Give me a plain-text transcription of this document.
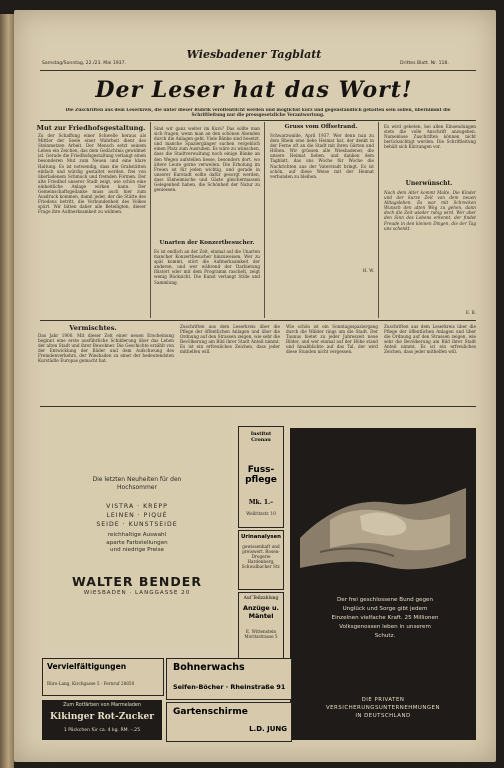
Samstag/Sonntag, 22./23. Mai 1937.
Wiesbadener Tagblatt
Drittes Blatt. Nr. 118.
Der Leser hat das Wort!
Die Zuschriften aus dem Leserkreis, die unter dieser Rubrik veröffentlicht werden und möglichst kurz und gegenständlich gehalten sein sollen, übernimmt die Schriftleitung nur die pressgesetzliche Verantwortung.
Mut zur Friedhofsgestaltung.
Zu der Schaffung einer Schwelle heraus als Mittler der Seele einer Wahrheit dient des Steinmetzen Arbeit. Der Mensch setzt seinem Leben ein Zeichen, das dem Gedächtnis gewidmet ist. Gerade die Friedhofsgestaltung verlangt einen besonderen Mut zum Neuen und eine klare Haltung. Es ist notwendig, dass die Grabstätten einfach und würdig gestaltet werden, frei von überladenem Schmuck und fremden Formen. Der alte Friedhof unserer Stadt zeigt, wie schön eine einheitliche Anlage wirken kann. Der Gemeinschaftsgedanke muss auch hier zum Ausdruck kommen, damit jeder, der die Stätte des Friedens betritt, die Verbundenheit des Volkes spürt. Wir bitten daher alle Beteiligten, dieser Frage ihre Aufmerksamkeit zu widmen.
Sind wir ganz weiter im Kurs? Das sollte man sich fragen, wenn man an den schönen Abenden durch die Anlagen geht. Viele Bänke sind besetzt, und manche Spaziergänger suchen vergeblich einen Platz zum Ausruhen. Es wäre zu wünschen, dass die Stadtverwaltung noch einige Bänke an den Wegen aufstellen liesse, besonders dort, wo ältere Leute gerne verweilen. Die Erholung im Freien ist für jeden wichtig, und gerade in unserer Kurstadt sollte dafür gesorgt werden, dass Einheimische und Gäste gleichermassen Gelegenheit haben, die Schönheit der Natur zu geniessen.
Unarten der Konzertbesucher.
Es ist endlich an der Zeit, einmal auf die Unarten mancher Konzertbesucher hinzuweisen. Wer zu spät kommt, stört die Aufmerksamkeit der anderen, und wer während der Darbietung flüstert oder mit dem Programm raschelt, zeigt wenig Rücksicht. Die Kunst verlangt Stille und Sammlung.
Gruss vom Offsetrand.
Schwarzwalde, April 1937. Wer denn nun zu dem Rhein eine liebe Heimat hat, der denkt in der Ferne oft an die Stadt mit ihren Gärten und Höhen. Wir grüssen alle Wiesbadener, die unsere Heimat lieben, und danken dem Tagblatt, das uns Woche für Woche die Nachrichten aus der Vaterstadt bringt. Es ist schön, auf diese Weise mit der Heimat verbunden zu bleiben.
H. W.
Unerwünscht.
Nach dem Alter kommt Malte, Die Kinder und der kurze Zeit von dem neuen Alltagsleben. Es war mit Schrecken Wunsch den alten Weg zu gehen, dann doch die Zeit wieder ruhig wird. Wer aber den Sinn des Lebens erkennt, der findet Freude in den kleinen Dingen, die der Tag uns schenkt.
Es wird gebeten, bei allen Einsendungen stets die volle Anschrift anzugeben. Namenlose Zuschriften können nicht berücksichtigt werden. Die Schriftleitung behält sich Kürzungen vor.
E. B.
Vermischtes.
Das Jahr 1900. Mit dieser Zeit einer neuen Erscheinung beginnt eine erste ausführliche Schilderung über das Leben der alten Stadt und ihrer Bewohner. Die Geschichte erzählt von der Entwicklung der Bäder und dem Aufschwung des Fremdenverkehrs, der Wiesbaden zu einer der bedeutendsten Kurstädte Europas gemacht hat.
Zuschriften aus dem Leserkreis über die Pflege der öffentlichen Anlagen und über die Ordnung auf den Strassen zeigen, wie sehr die Bevölkerung am Bild ihrer Stadt Anteil nimmt. Es ist ein erfreuliches Zeichen, dass jeder mithelfen will.
Wie schön ist ein Sonntagsspaziergang durch die Wälder rings um die Stadt. Der Taunus bietet zu jeder Jahreszeit neue Bilder, und wer einmal auf der Höhe stand und hinabblickte auf das Tal, der wird diese Stunden nicht vergessen.
Zuschriften aus dem Leserkreis über die Pflege der öffentlichen Anlagen und über die Ordnung auf den Strassen zeigen, wie sehr die Bevölkerung am Bild ihrer Stadt Anteil nimmt. Es ist ein erfreuliches Zeichen, dass jeder mithelfen will.
Die letzten Neuheiten für den Hochsommer
VISTRA · KREPP
LEINEN · PIQUÉ
SEIDE · KUNSTSEIDE
reichhaltige Auswahl
aparte Farbstellungen
und niedrige Preise
WALTER BENDER
WIESBADEN · LANGGASSE 20
Institut Cronau
Fuss-pflege
Mk. 1.–
Wellritzstr. 10
Urinanalysen
gewissenhaft und preiswert. Rosen-Drogerie Hardenberg, Schwalbacher Str.
Auf Teilzahlung
Anzüge u. Mäntel
E. Wittenstein Moritzstrasse 5
Der frei geschlossene Bund gegen Unglück und Sorge gibt jedem Einzelnen vielfache Kraft. 25 Millionen Volksgenossen leben in unserem Schutz.
DIE PRIVATEN
VERSICHERUNGSUNTERNEHMUNGEN
IN DEUTSCHLAND
Vervielfältigungen
Büro-Lang, Kirchgasse 5 · Fernruf 28850
Bohnerwachs
Seifen-Böcher · Rheinstraße 91
Gartenschirme
L.D. JUNG
Zum Rotfärben von Marmeladen
Kikinger Rot-Zucker
1 Päckchen für ca. 4 kg. RM. –.25
